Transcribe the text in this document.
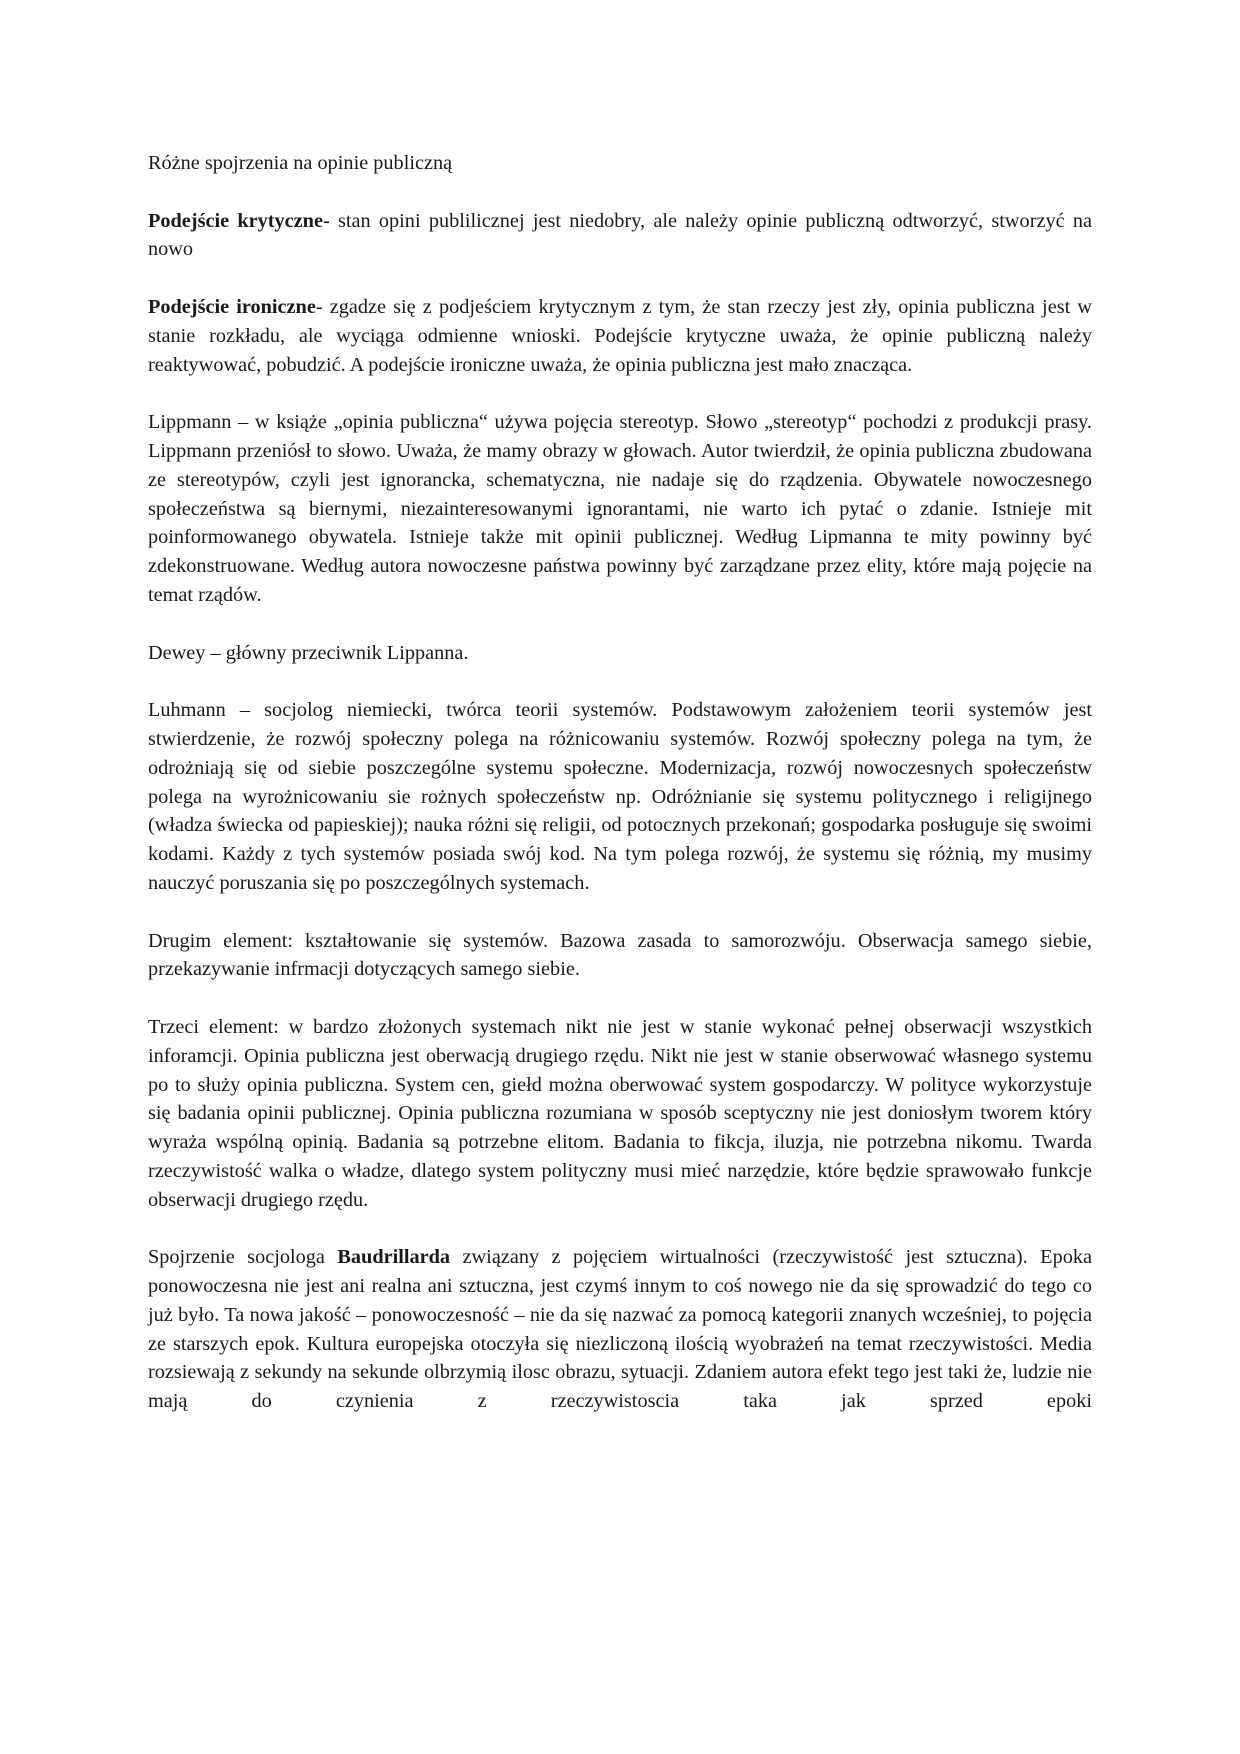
Różne spojrzenia na opinie publiczną

Podejście krytyczne- stan opini publilicznej jest niedobry, ale należy opinie publiczną odtworzyć, stworzyć na nowo

Podejście ironiczne- zgadze się z podjeściem krytycznym z tym, że stan rzeczy jest zły, opinia publiczna jest w stanie rozkładu, ale wyciąga odmienne wnioski. Podejście krytyczne uważa, że opinie publiczną należy reaktywować, pobudzić. A podejście ironiczne uważa, że opinia publiczna jest mało znacząca.

Lippmann – w książe „opinia publiczna“ używa pojęcia stereotyp. Słowo „stereotyp“ pochodzi z produkcji prasy. Lippmann przeniósł to słowo. Uważa, że mamy obrazy w głowach. Autor twierdził, że opinia publiczna zbudowana ze stereotypów, czyli jest ignorancka, schematyczna, nie nadaje się do rządzenia. Obywatele nowoczesnego społeczeństwa są biernymi, niezainteresowanymi ignorantami, nie warto ich pytać o zdanie. Istnieje mit poinformowanego obywatela. Istnieje także mit opinii publicznej. Według Lipmanna te mity powinny być zdekonstruowane. Według autora nowoczesne państwa powinny być zarządzane przez elity, które mają pojęcie na temat rządów.

Dewey – główny przeciwnik Lippanna.

Luhmann – socjolog niemiecki, twórca teorii systemów. Podstawowym założeniem teorii systemów jest stwierdzenie, że rozwój społeczny polega na różnicowaniu systemów. Rozwój społeczny polega na tym, że odrożniają się od siebie poszczególne systemu społeczne. Modernizacja, rozwój nowoczesnych społeczeństw polega na wyrożnicowaniu sie rożnych społeczeństw np. Odróżnianie się systemu politycznego i religijnego (władza świecka od papieskiej); nauka różni się religii, od potocznych przekonań; gospodarka posługuje się swoimi kodami. Każdy z tych systemów posiada swój kod. Na tym polega rozwój, że systemu się różnią, my musimy nauczyć poruszania się po poszczególnych systemach.

Drugim element: kształtowanie się systemów. Bazowa zasada to samorozwóju. Obserwacja samego siebie, przekazywanie infrmacji dotyczących samego siebie.

Trzeci element: w bardzo złożonych systemach nikt nie jest w stanie wykonać pełnej obserwacji wszystkich inforamcji. Opinia publiczna jest oberwacją drugiego rzędu. Nikt nie jest w stanie obserwować własnego systemu po to służy opinia publiczna. System cen, giełd można oberwować system gospodarczy. W polityce wykorzystuje się badania opinii publicznej. Opinia publiczna rozumiana w sposób sceptyczny nie jest doniosłym tworem który wyraża wspólną opinią. Badania są potrzebne elitom. Badania to fikcja, iluzja, nie potrzebna nikomu. Twarda rzeczywistość walka o władze, dlatego system polityczny musi mieć narzędzie, które będzie sprawowało funkcje obserwacji drugiego rzędu.

Spojrzenie socjologa Baudrillarda związany z pojęciem wirtualności (rzeczywistość jest sztuczna). Epoka ponowoczesna nie jest ani realna ani sztuczna, jest czymś innym to coś nowego nie da się sprowadzić do tego co już było. Ta nowa jakość – ponowoczesność – nie da się nazwać za pomocą kategorii znanych wcześniej, to pojęcia ze starszych epok. Kultura europejska otoczyła się niezliczoną ilością wyobrażeń na temat rzeczywistości. Media rozsiewają z sekundy na sekunde olbrzymią ilosc obrazu, sytuacji. Zdaniem autora efekt tego jest taki że, ludzie nie mają do czynienia z rzeczywistoscia taka jak sprzed epoki
